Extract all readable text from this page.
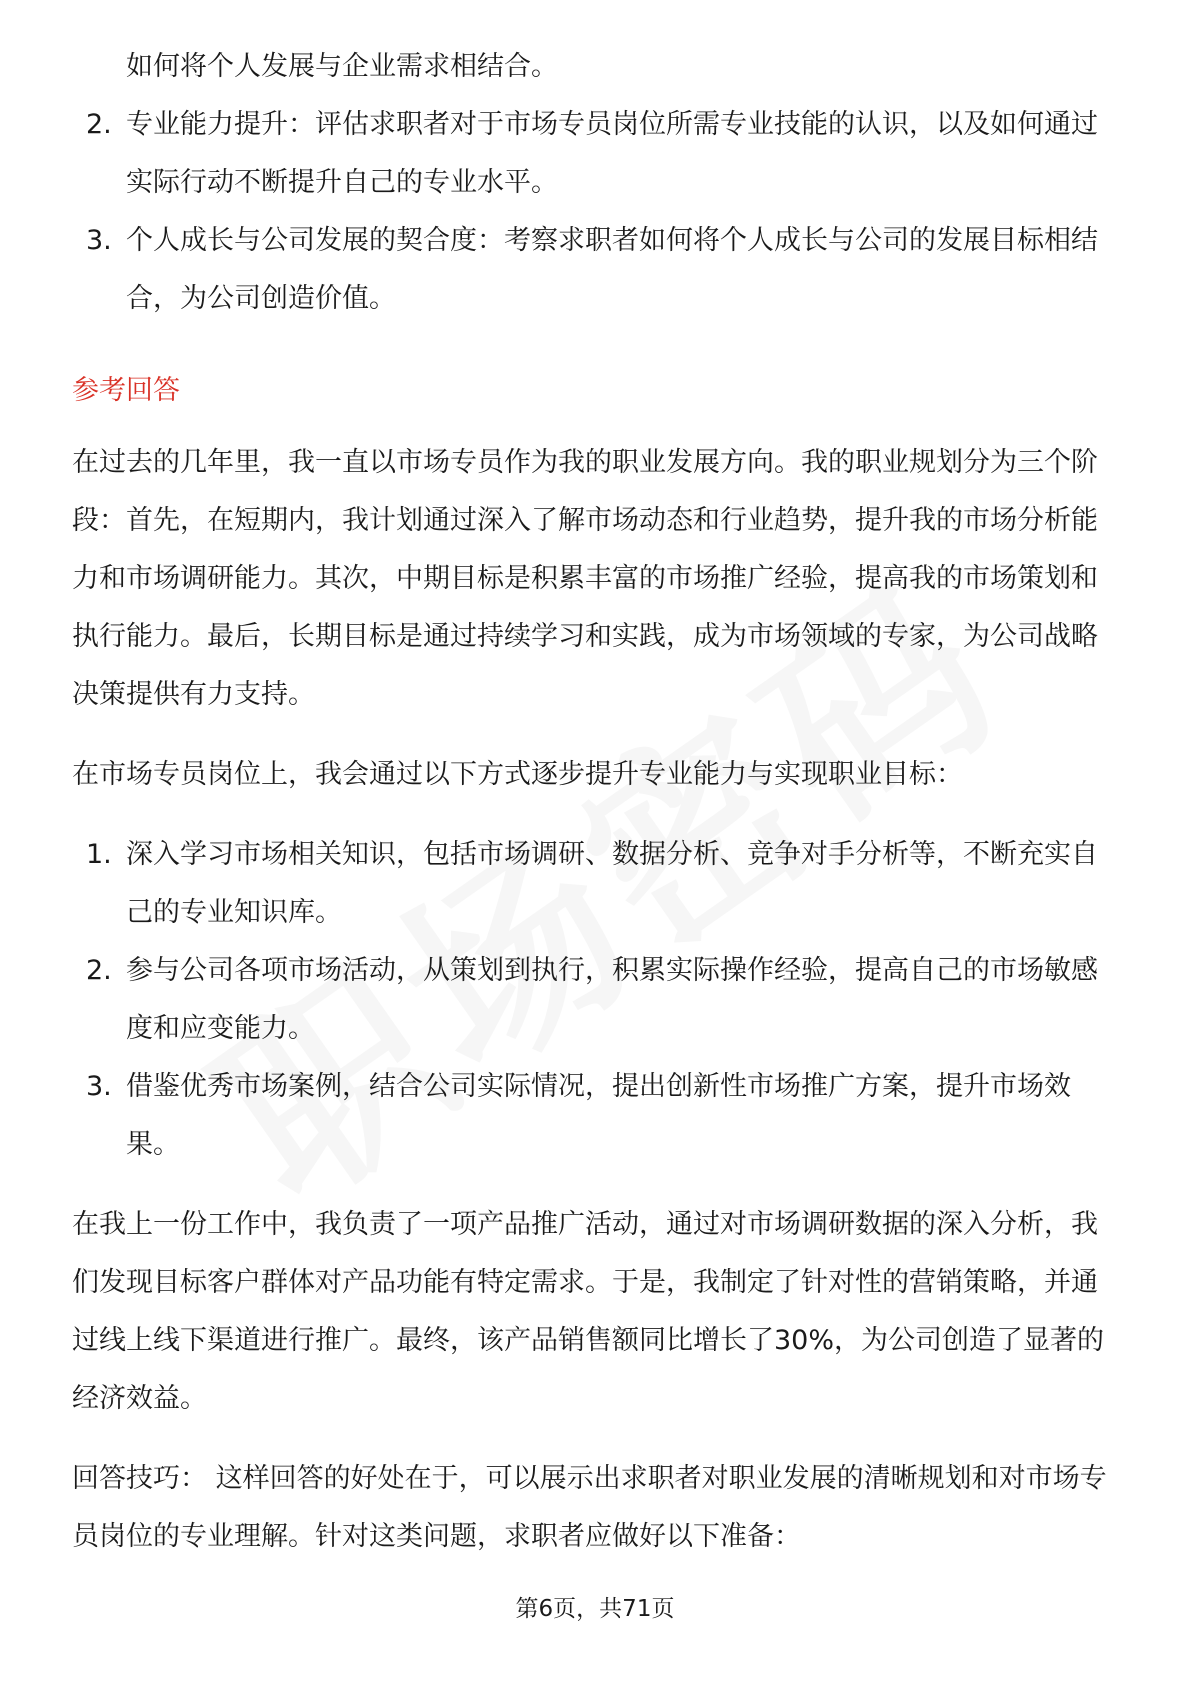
如何将个人发展与企业需求相结合。

2. 专业能力提升：评估求职者对于市场专员岗位所需专业技能的认识，以及如何通过实际行动不断提升自己的专业水平。
3. 个人成长与公司发展的契合度：考察求职者如何将个人成长与公司的发展目标相结合，为公司创造价值。
参考回答

在过去的几年里，我一直以市场专员作为我的职业发展方向。我的职业规划分为三个阶段：首先，在短期内，我计划通过深入了解市场动态和行业趋势，提升我的市场分析能力和市场调研能力。其次，中期目标是积累丰富的市场推广经验，提高我的市场策划和执行能力。最后，长期目标是通过持续学习和实践，成为市场领域的专家，为公司战略决策提供有力支持。

在市场专员岗位上，我会通过以下方式逐步提升专业能力与实现职业目标：

1. 深入学习市场相关知识，包括市场调研、数据分析、竞争对手分析等，不断充实自己的专业知识库。
2. 参与公司各项市场活动，从策划到执行，积累实际操作经验，提高自己的市场敏感度和应变能力。
3. 借鉴优秀市场案例，结合公司实际情况，提出创新性市场推广方案，提升市场效果。

在我上一份工作中，我负责了一项产品推广活动，通过对市场调研数据的深入分析，我们发现目标客户群体对产品功能有特定需求。于是，我制定了针对性的营销策略，并通过线上线下渠道进行推广。最终，该产品销售额同比增长了30%，为公司创造了显著的经济效益。

回答技巧： 这样回答的好处在于，可以展示出求职者对职业发展的清晰规划和对市场专员岗位的专业理解。针对这类问题，求职者应做好以下准备：

第6页，共71页
